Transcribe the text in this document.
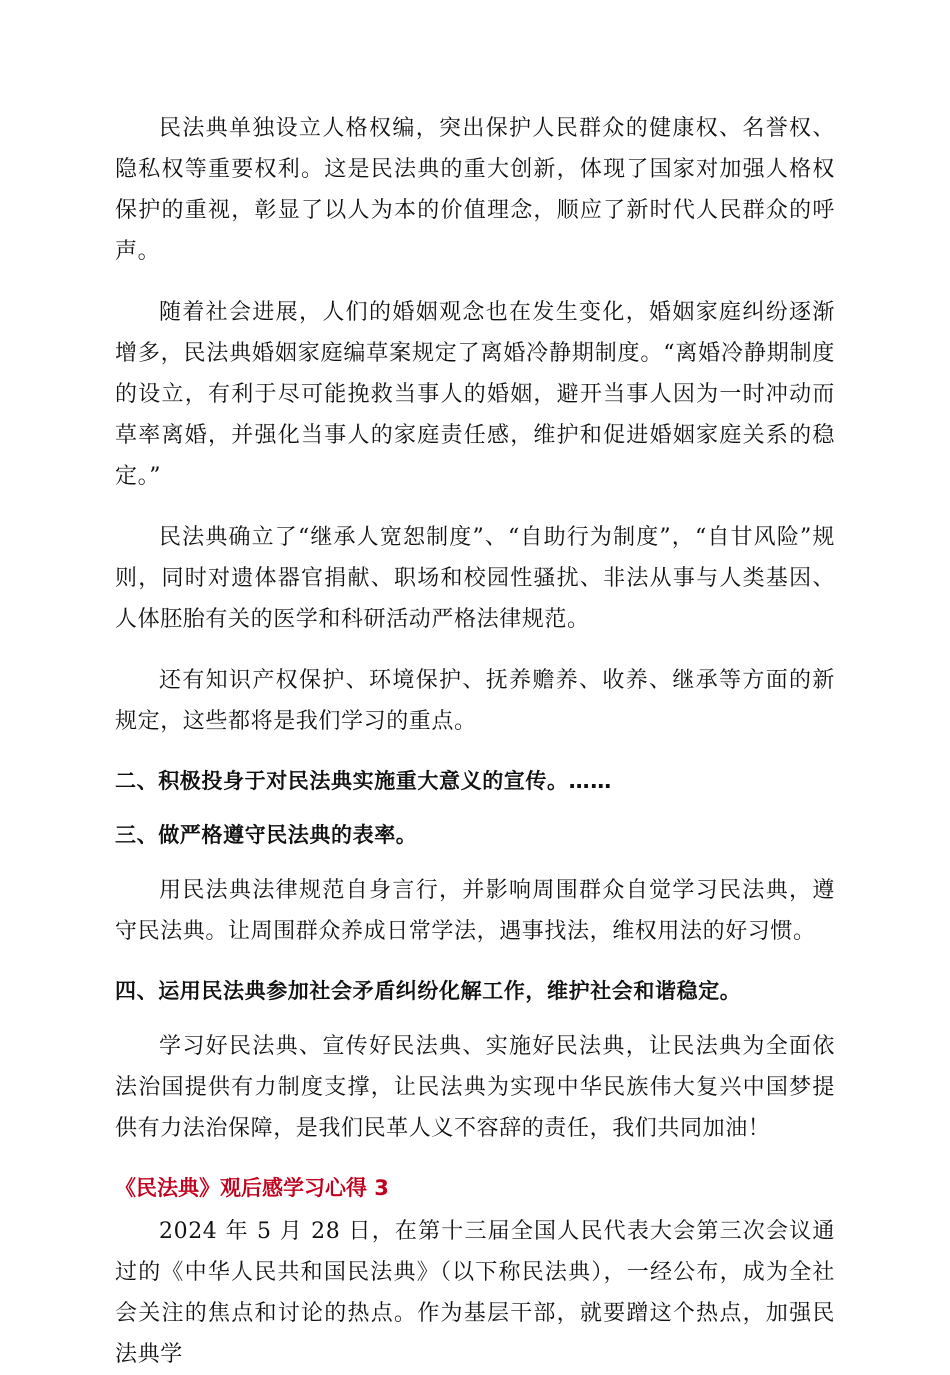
民法典单独设立人格权编，突出保护人民群众的健康权、名誉权、隐私权等重要权利。这是民法典的重大创新，体现了国家对加强人格权保护的重视，彰显了以人为本的价值理念，顺应了新时代人民群众的呼声。

随着社会进展，人们的婚姻观念也在发生变化，婚姻家庭纠纷逐渐增多，民法典婚姻家庭编草案规定了离婚冷静期制度。“离婚冷静期制度的设立，有利于尽可能挽救当事人的婚姻，避开当事人因为一时冲动而草率离婚，并强化当事人的家庭责任感，维护和促进婚姻家庭关系的稳定。”

民法典确立了“继承人宽恕制度”、“自助行为制度”，“自甘风险”规则，同时对遗体器官捐献、职场和校园性骚扰、非法从事与人类基因、人体胚胎有关的医学和科研活动严格法律规范。

还有知识产权保护、环境保护、抚养赡养、收养、继承等方面的新规定，这些都将是我们学习的重点。

二、积极投身于对民法典实施重大意义的宣传。……
三、做严格遵守民法典的表率。

用民法典法律规范自身言行，并影响周围群众自觉学习民法典，遵守民法典。让周围群众养成日常学法，遇事找法，维权用法的好习惯。

四、运用民法典参加社会矛盾纠纷化解工作，维护社会和谐稳定。

学习好民法典、宣传好民法典、实施好民法典，让民法典为全面依法治国提供有力制度支撑，让民法典为实现中华民族伟大复兴中国梦提供有力法治保障，是我们民革人义不容辞的责任，我们共同加油！

《民法典》观后感学习心得 3

2024 年 5 月 28 日，在第十三届全国人民代表大会第三次会议通过的《中华人民共和国民法典》（以下称民法典），一经公布，成为全社会关注的焦点和讨论的热点。作为基层干部，就要蹭这个热点，加强民法典学
